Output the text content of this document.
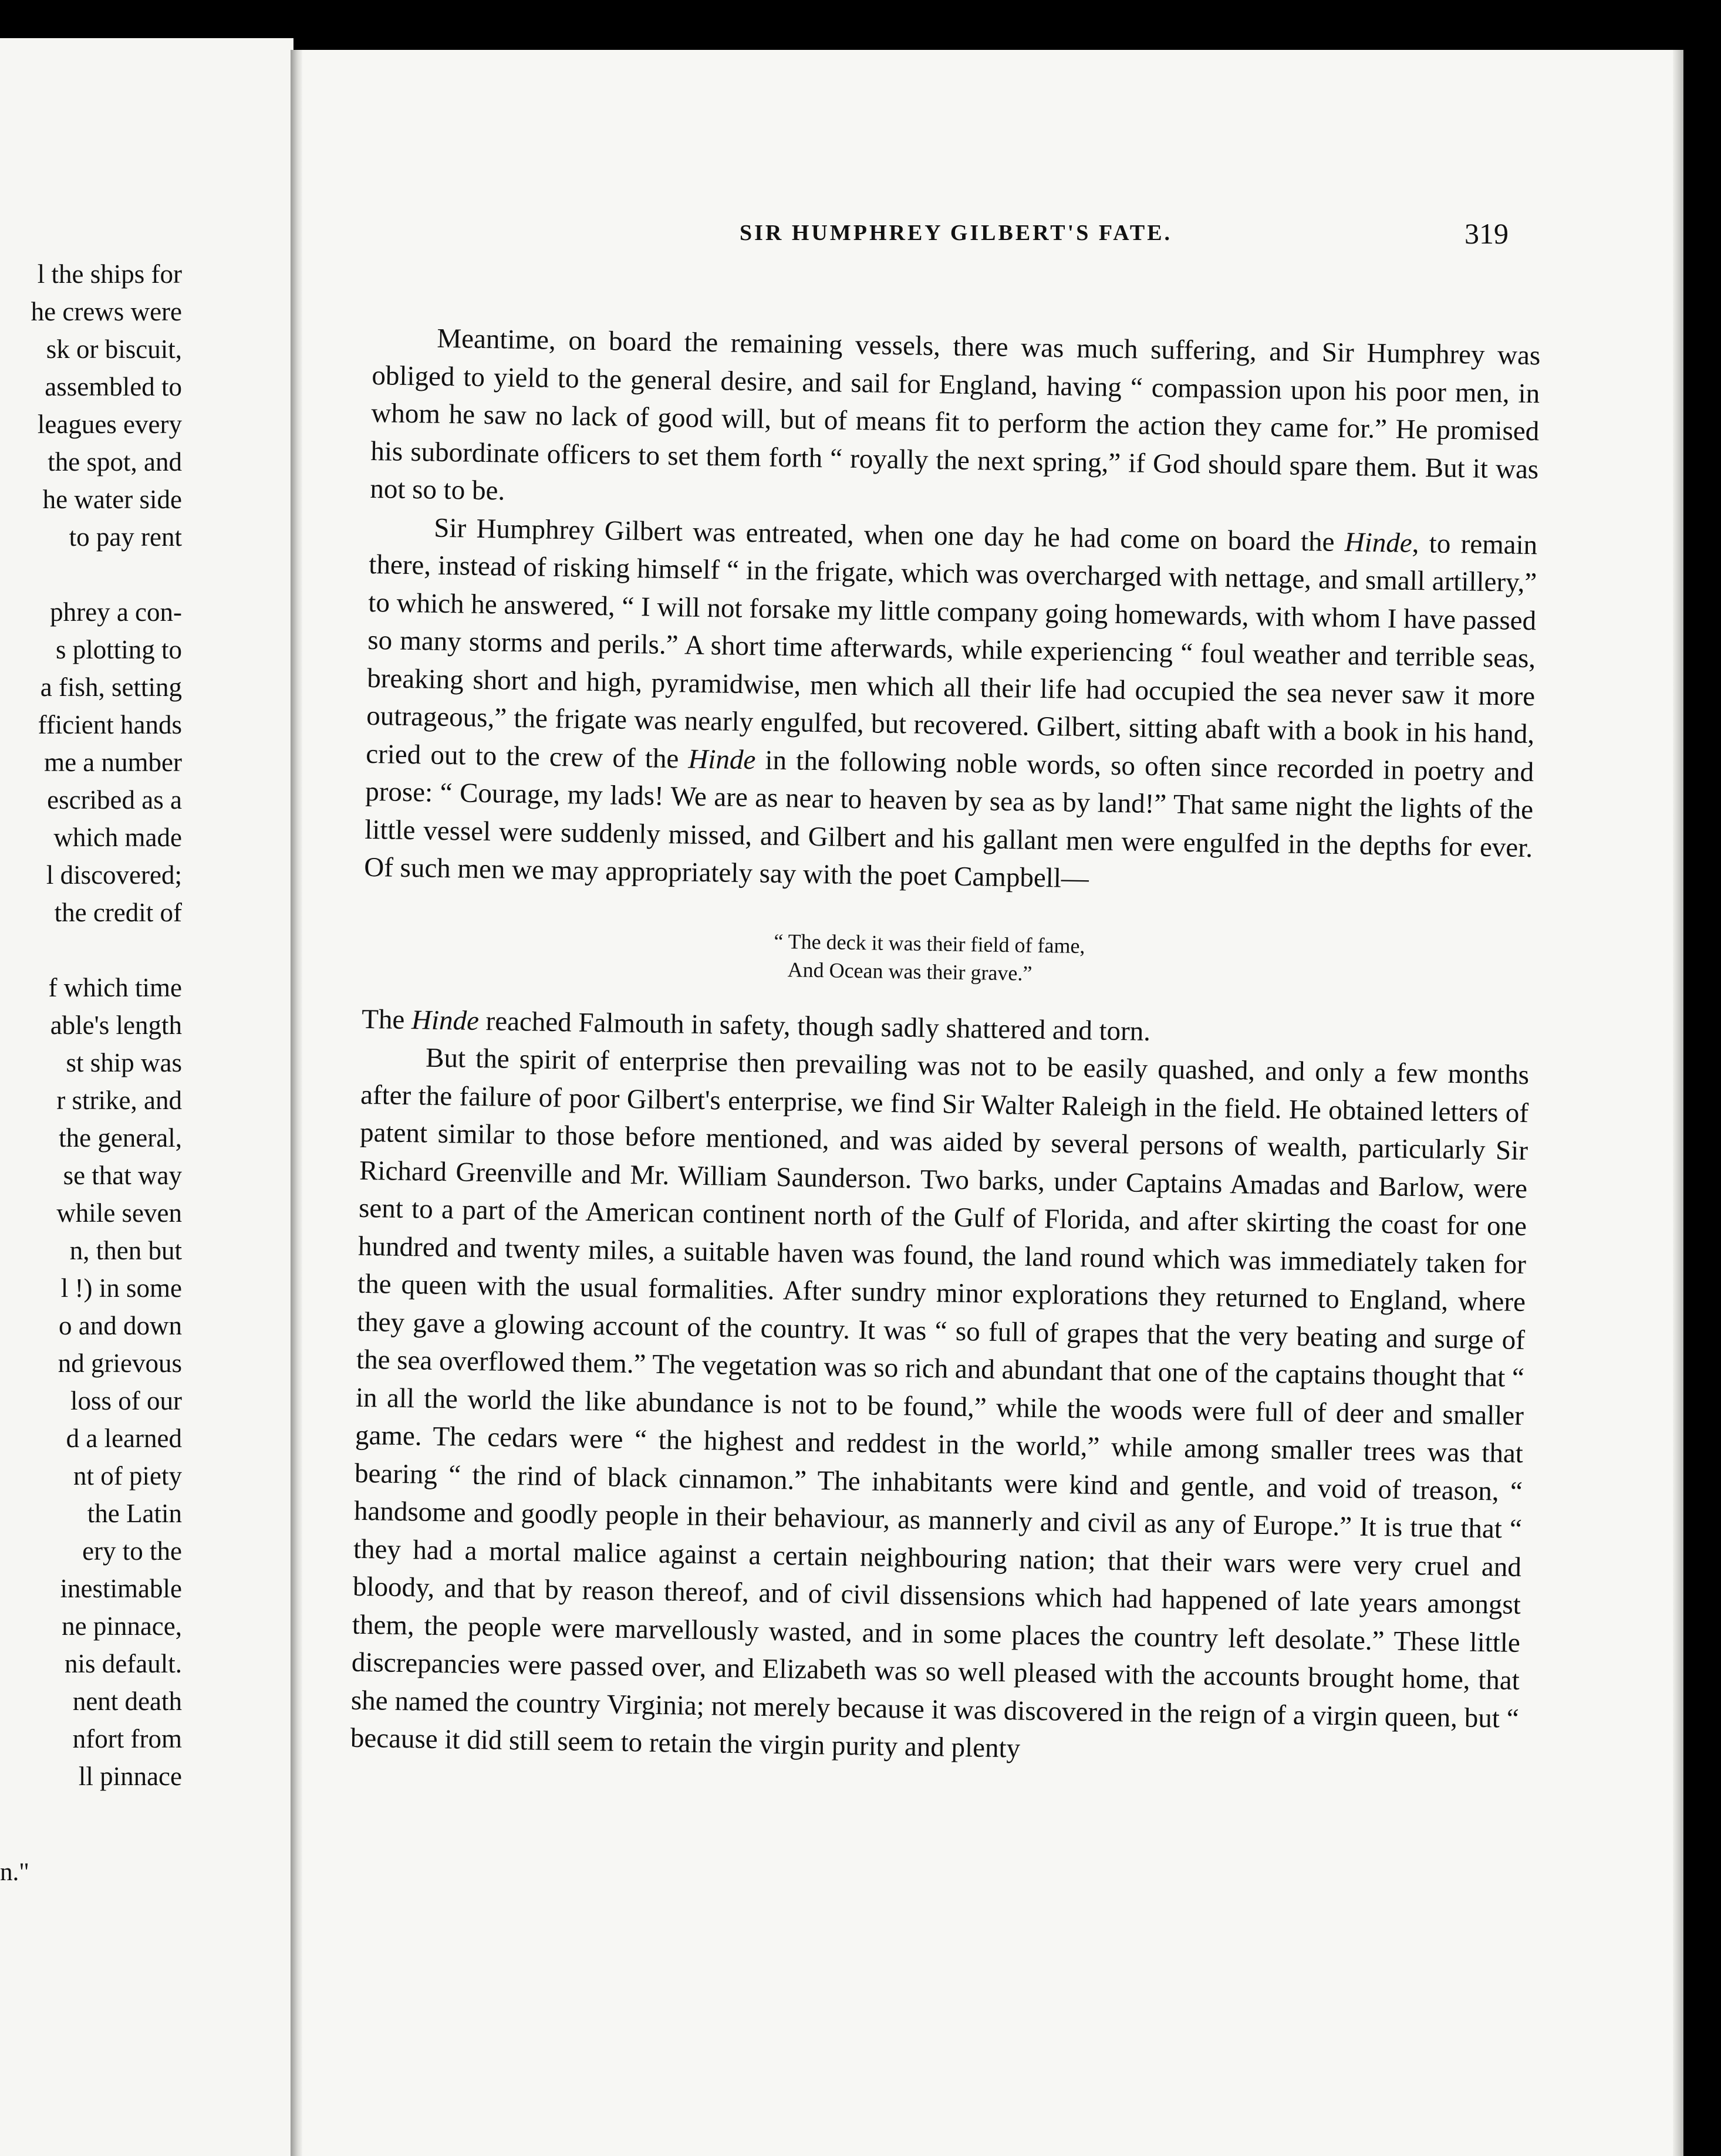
l the ships for
he crews were
sk or biscuit,
assembled to
leagues every
the spot, and
he water side
to pay rent
phrey a con-
s plotting to
a fish, setting
fficient hands
me a number
escribed as a
which made
l discovered;
the credit of
f which time
able's length
st ship was
r strike, and
the general,
se that way
while seven
n, then but
l !) in some
o and down
nd grievous
loss of our
d a learned
nt of piety
the Latin
ery to the
inestimable
ne pinnace,
nis default.
nent death
nfort from
ll pinnace
n."
SIR HUMPHREY GILBERT'S FATE.	319

Meantime, on board the remaining vessels, there was much suffering, and Sir Humphrey was obliged to yield to the general desire, and sail for England, having “ compassion upon his poor men, in whom he saw no lack of good will, but of means fit to perform the action they came for.” He promised his subordinate officers to set them forth “ royally the next spring,” if God should spare them. But it was not so to be.

Sir Humphrey Gilbert was entreated, when one day he had come on board the Hinde, to remain there, instead of risking himself “ in the frigate, which was overcharged with nettage, and small artillery,” to which he answered, “ I will not forsake my little company going homewards, with whom I have passed so many storms and perils.” A short time afterwards, while experiencing “ foul weather and terrible seas, breaking short and high, pyramidwise, men which all their life had occupied the sea never saw it more outrageous,” the frigate was nearly engulfed, but recovered. Gilbert, sitting abaft with a book in his hand, cried out to the crew of the Hinde in the following noble words, so often since recorded in poetry and prose: “ Courage, my lads! We are as near to heaven by sea as by land!” That same night the lights of the little vessel were suddenly missed, and Gilbert and his gallant men were engulfed in the depths for ever. Of such men we may appropriately say with the poet Campbell—

“ The deck it was their field of fame,
And Ocean was their grave.”

The Hinde reached Falmouth in safety, though sadly shattered and torn.

But the spirit of enterprise then prevailing was not to be easily quashed, and only a few months after the failure of poor Gilbert's enterprise, we find Sir Walter Raleigh in the field. He obtained letters of patent similar to those before mentioned, and was aided by several persons of wealth, particularly Sir Richard Greenville and Mr. William Saunderson. Two barks, under Captains Amadas and Barlow, were sent to a part of the American continent north of the Gulf of Florida, and after skirting the coast for one hundred and twenty miles, a suitable haven was found, the land round which was immediately taken for the queen with the usual formalities. After sundry minor explorations they returned to England, where they gave a glowing account of the country. It was “ so full of grapes that the very beating and surge of the sea overflowed them.” The vegetation was so rich and abundant that one of the captains thought that “ in all the world the like abundance is not to be found,” while the woods were full of deer and smaller game. The cedars were “ the highest and reddest in the world,” while among smaller trees was that bearing “ the rind of black cinnamon.” The inhabitants were kind and gentle, and void of treason, “ handsome and goodly people in their behaviour, as mannerly and civil as any of Europe.” It is true that “ they had a mortal malice against a certain neighbouring nation; that their wars were very cruel and bloody, and that by reason thereof, and of civil dissensions which had happened of late years amongst them, the people were marvellously wasted, and in some places the country left desolate.” These little discrepancies were passed over, and Elizabeth was so well pleased with the accounts brought home, that she named the country Virginia; not merely because it was discovered in the reign of a virgin queen, but “ because it did still seem to retain the virgin purity and plenty
